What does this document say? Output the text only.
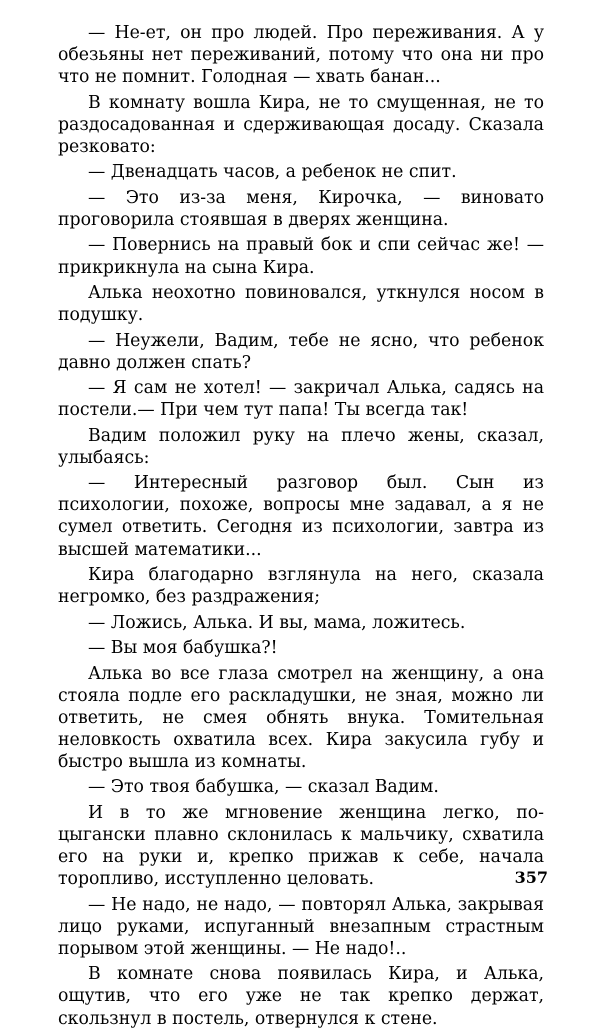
— Не-ет, он про людей. Про переживания. А у обезьяны нет переживаний, потому что она ни про что не помнит. Голодная — хвать банан...

В комнату вошла Кира, не то смущенная, не то раздосадованная и сдерживающая досаду. Сказала резковато:

— Двенадцать часов, а ребенок не спит.

— Это из-за меня, Кирочка, — виновато проговорила стоявшая в дверях женщина.

— Повернись на правый бок и спи сейчас же! — прикрикнула на сына Кира.

Алька неохотно повиновался, уткнулся носом в подушку.

— Неужели, Вадим, тебе не ясно, что ребенок давно должен спать?

— Я сам не хотел! — закричал Алька, садясь на постели.— При чем тут папа! Ты всегда так!

Вадим положил руку на плечо жены, сказал, улыбаясь:

— Интересный разговор был. Сын из психологии, похоже, вопросы мне задавал, а я не сумел ответить. Сегодня из психологии, завтра из высшей математики...

Кира благодарно взглянула на него, сказала негромко, без раздражения;

— Ложись, Алька. И вы, мама, ложитесь.

— Вы моя бабушка?!

Алька во все глаза смотрел на женщину, а она стояла подле его раскладушки, не зная, можно ли ответить, не смея обнять внука. Томительная неловкость охватила всех. Кира закусила губу и быстро вышла из комнаты.

— Это твоя бабушка, — сказал Вадим.

И в то же мгновение женщина легко, по-цыгански плавно склонилась к мальчику, схватила его на руки и, крепко прижав к себе, начала торопливо, исступленно целовать.

— Не надо, не надо, — повторял Алька, закрывая лицо руками, испуганный внезапным страстным порывом этой женщины. — Не надо!..

В комнате снова появилась Кира, и Алька, ощутив, что его уже не так крепко держат, скользнул в постель, отвернулся к стене.

357
